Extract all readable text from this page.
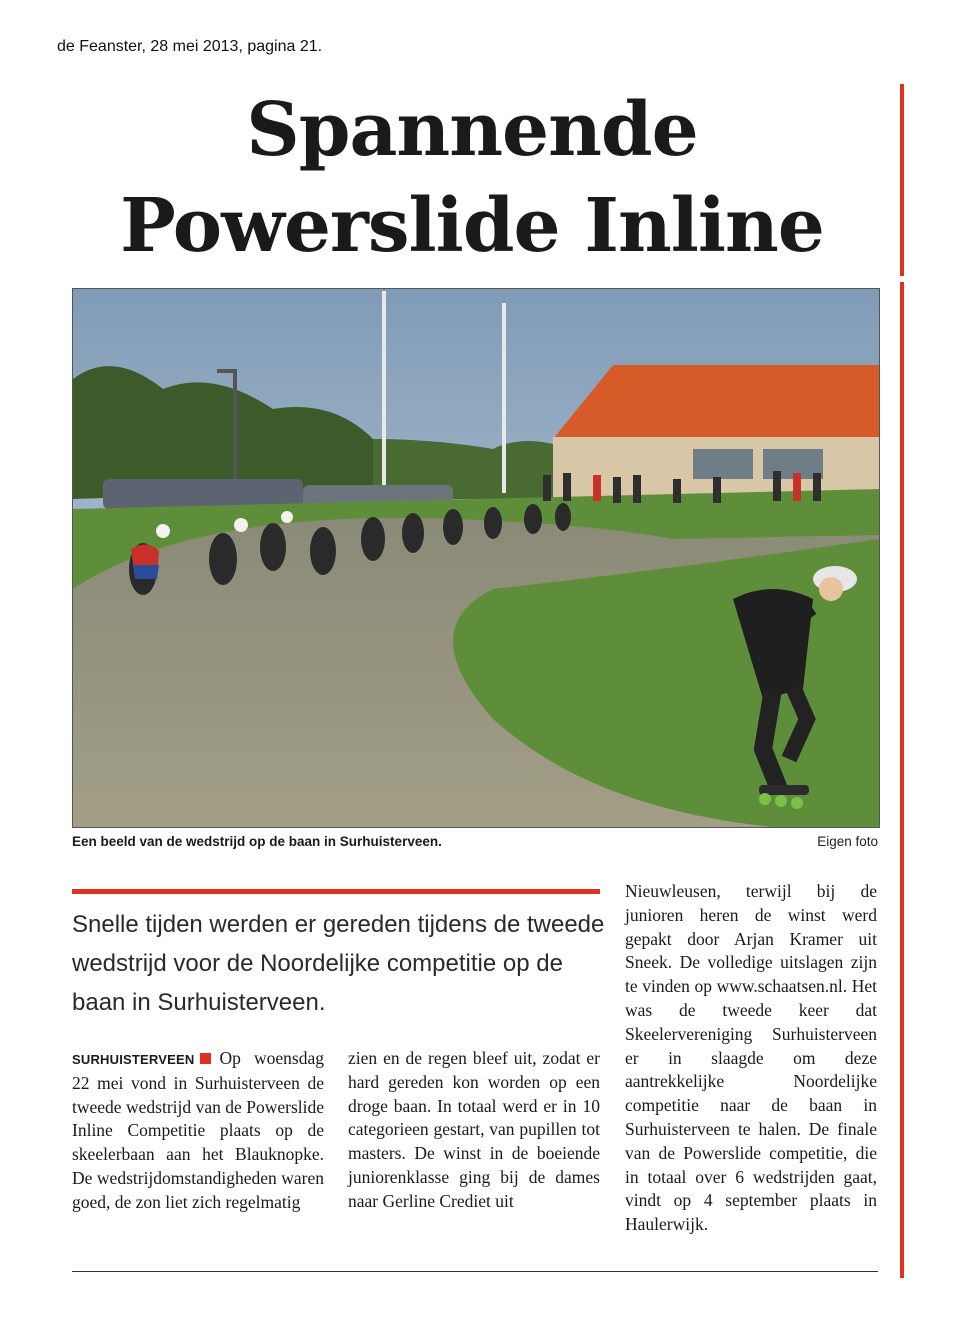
de Feanster, 28 mei 2013, pagina 21.
Spannende
Powerslide Inline
Een beeld van de wedstrijd op de baan in Surhuisterveen.	Eigen foto
Snelle tijden werden er gereden tijdens de tweede wedstrijd voor de Noordelijke competitie op de baan in Surhuisterveen.
SURHUISTERVEEN Op woensdag 22 mei vond in Surhuisterveen de tweede wedstrijd van de Powerslide Inline Competitie plaats op de skeelerbaan aan het Blauknopke. De wedstrijdomstandigheden waren goed, de zon liet zich regelmatig
zien en de regen bleef uit, zodat er hard gereden kon worden op een droge baan. In totaal werd er in 10 categorieen gestart, van pupillen tot masters. De winst in de boeiende juniorenklasse ging bij de dames naar Gerline Crediet uit
Nieuwleusen, terwijl bij de junioren heren de winst werd gepakt door Arjan Kramer uit Sneek. De volledige uitslagen zijn te vinden op www.schaatsen.nl. Het was de tweede keer dat Skeelervereniging Surhuisterveen er in slaagde om deze aantrekkelijke Noordelijke competitie naar de baan in Surhuisterveen te halen. De finale van de Powerslide competitie, die in totaal over 6 wedstrijden gaat, vindt op 4 september plaats in Haulerwijk.
